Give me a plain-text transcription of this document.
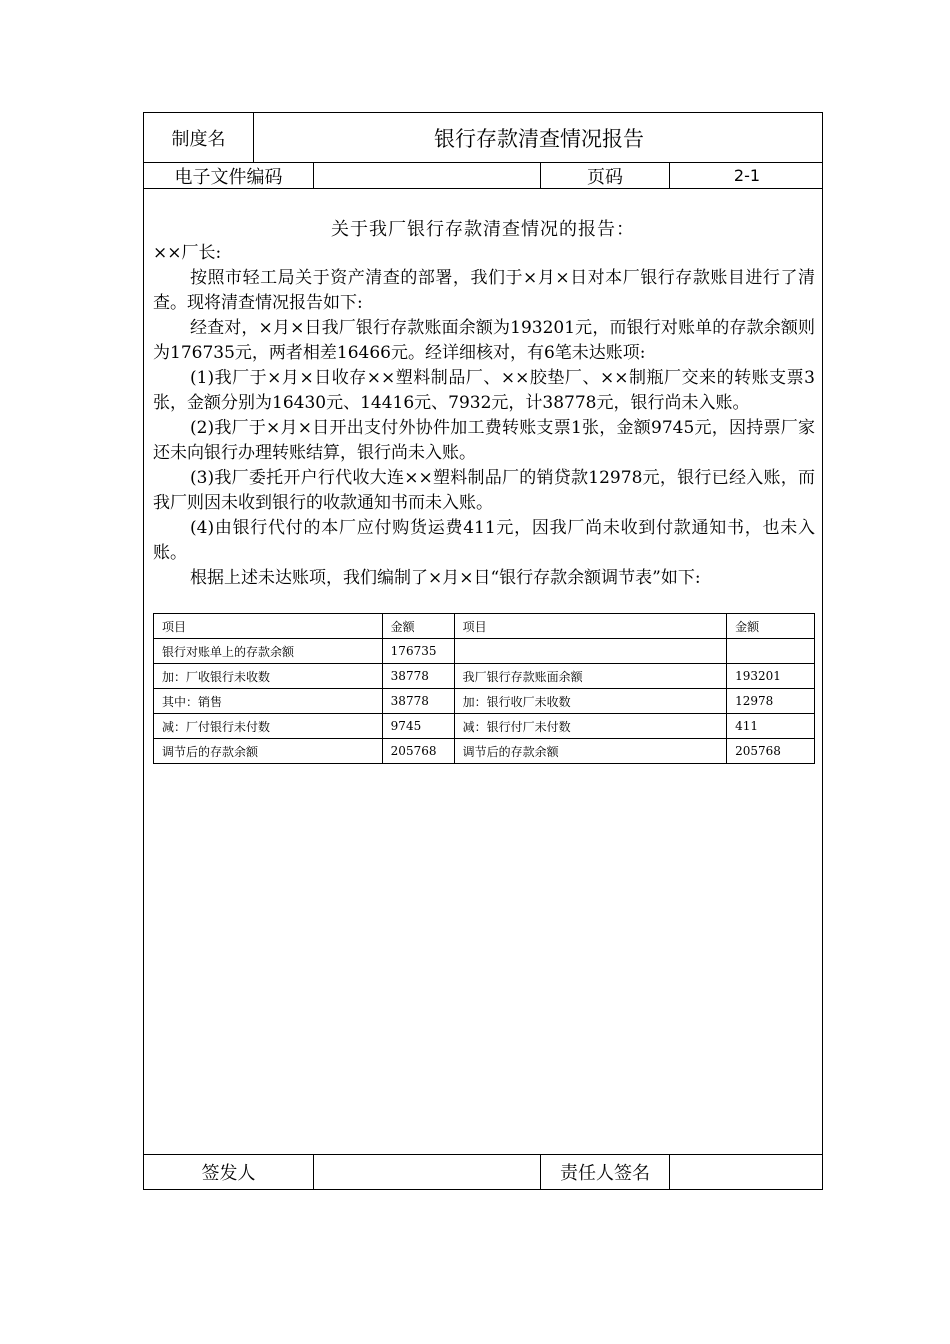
制度名	银行存款清查情况报告
电子文件编码	页码	2-1
签发人	责任人签名
关于我厂银行存款清查情况的报告：

××厂长:

按照市轻工局关于资产清查的部署，我们于×月×日对本厂银行存款账目进行了清查。现将清查情况报告如下:

经查对，×月×日我厂银行存款账面余额为193201元，而银行对账单的存款余额则为176735元，两者相差16466元。经详细核对，有6笔未达账项:

(1)我厂于×月×日收存××塑料制品厂、××胶垫厂、××制瓶厂交来的转账支票3张，金额分别为16430元、14416元、7932元，计38778元，银行尚未入账。

(2)我厂于×月×日开出支付外协件加工费转账支票1张，金额9745元，因持票厂家还未向银行办理转账结算，银行尚未入账。

(3)我厂委托开户行代收大连××塑料制品厂的销贷款12978元，银行已经入账，而我厂则因未收到银行的收款通知书而未入账。

(4)由银行代付的本厂应付购货运费411元，因我厂尚未收到付款通知书，也未入账。

根据上述未达账项，我们编制了×月×日“银行存款余额调节表”如下:

项目	金额	项目	金额
银行对账单上的存款余额	176735		
加：厂收银行未收数	38778	我厂银行存款账面余额	193201
其中：销售	38778	加：银行收厂未收数	12978
减：厂付银行未付数	9745	减：银行付厂未付数	411
调节后的存款余额	205768	调节后的存款余额	205768
